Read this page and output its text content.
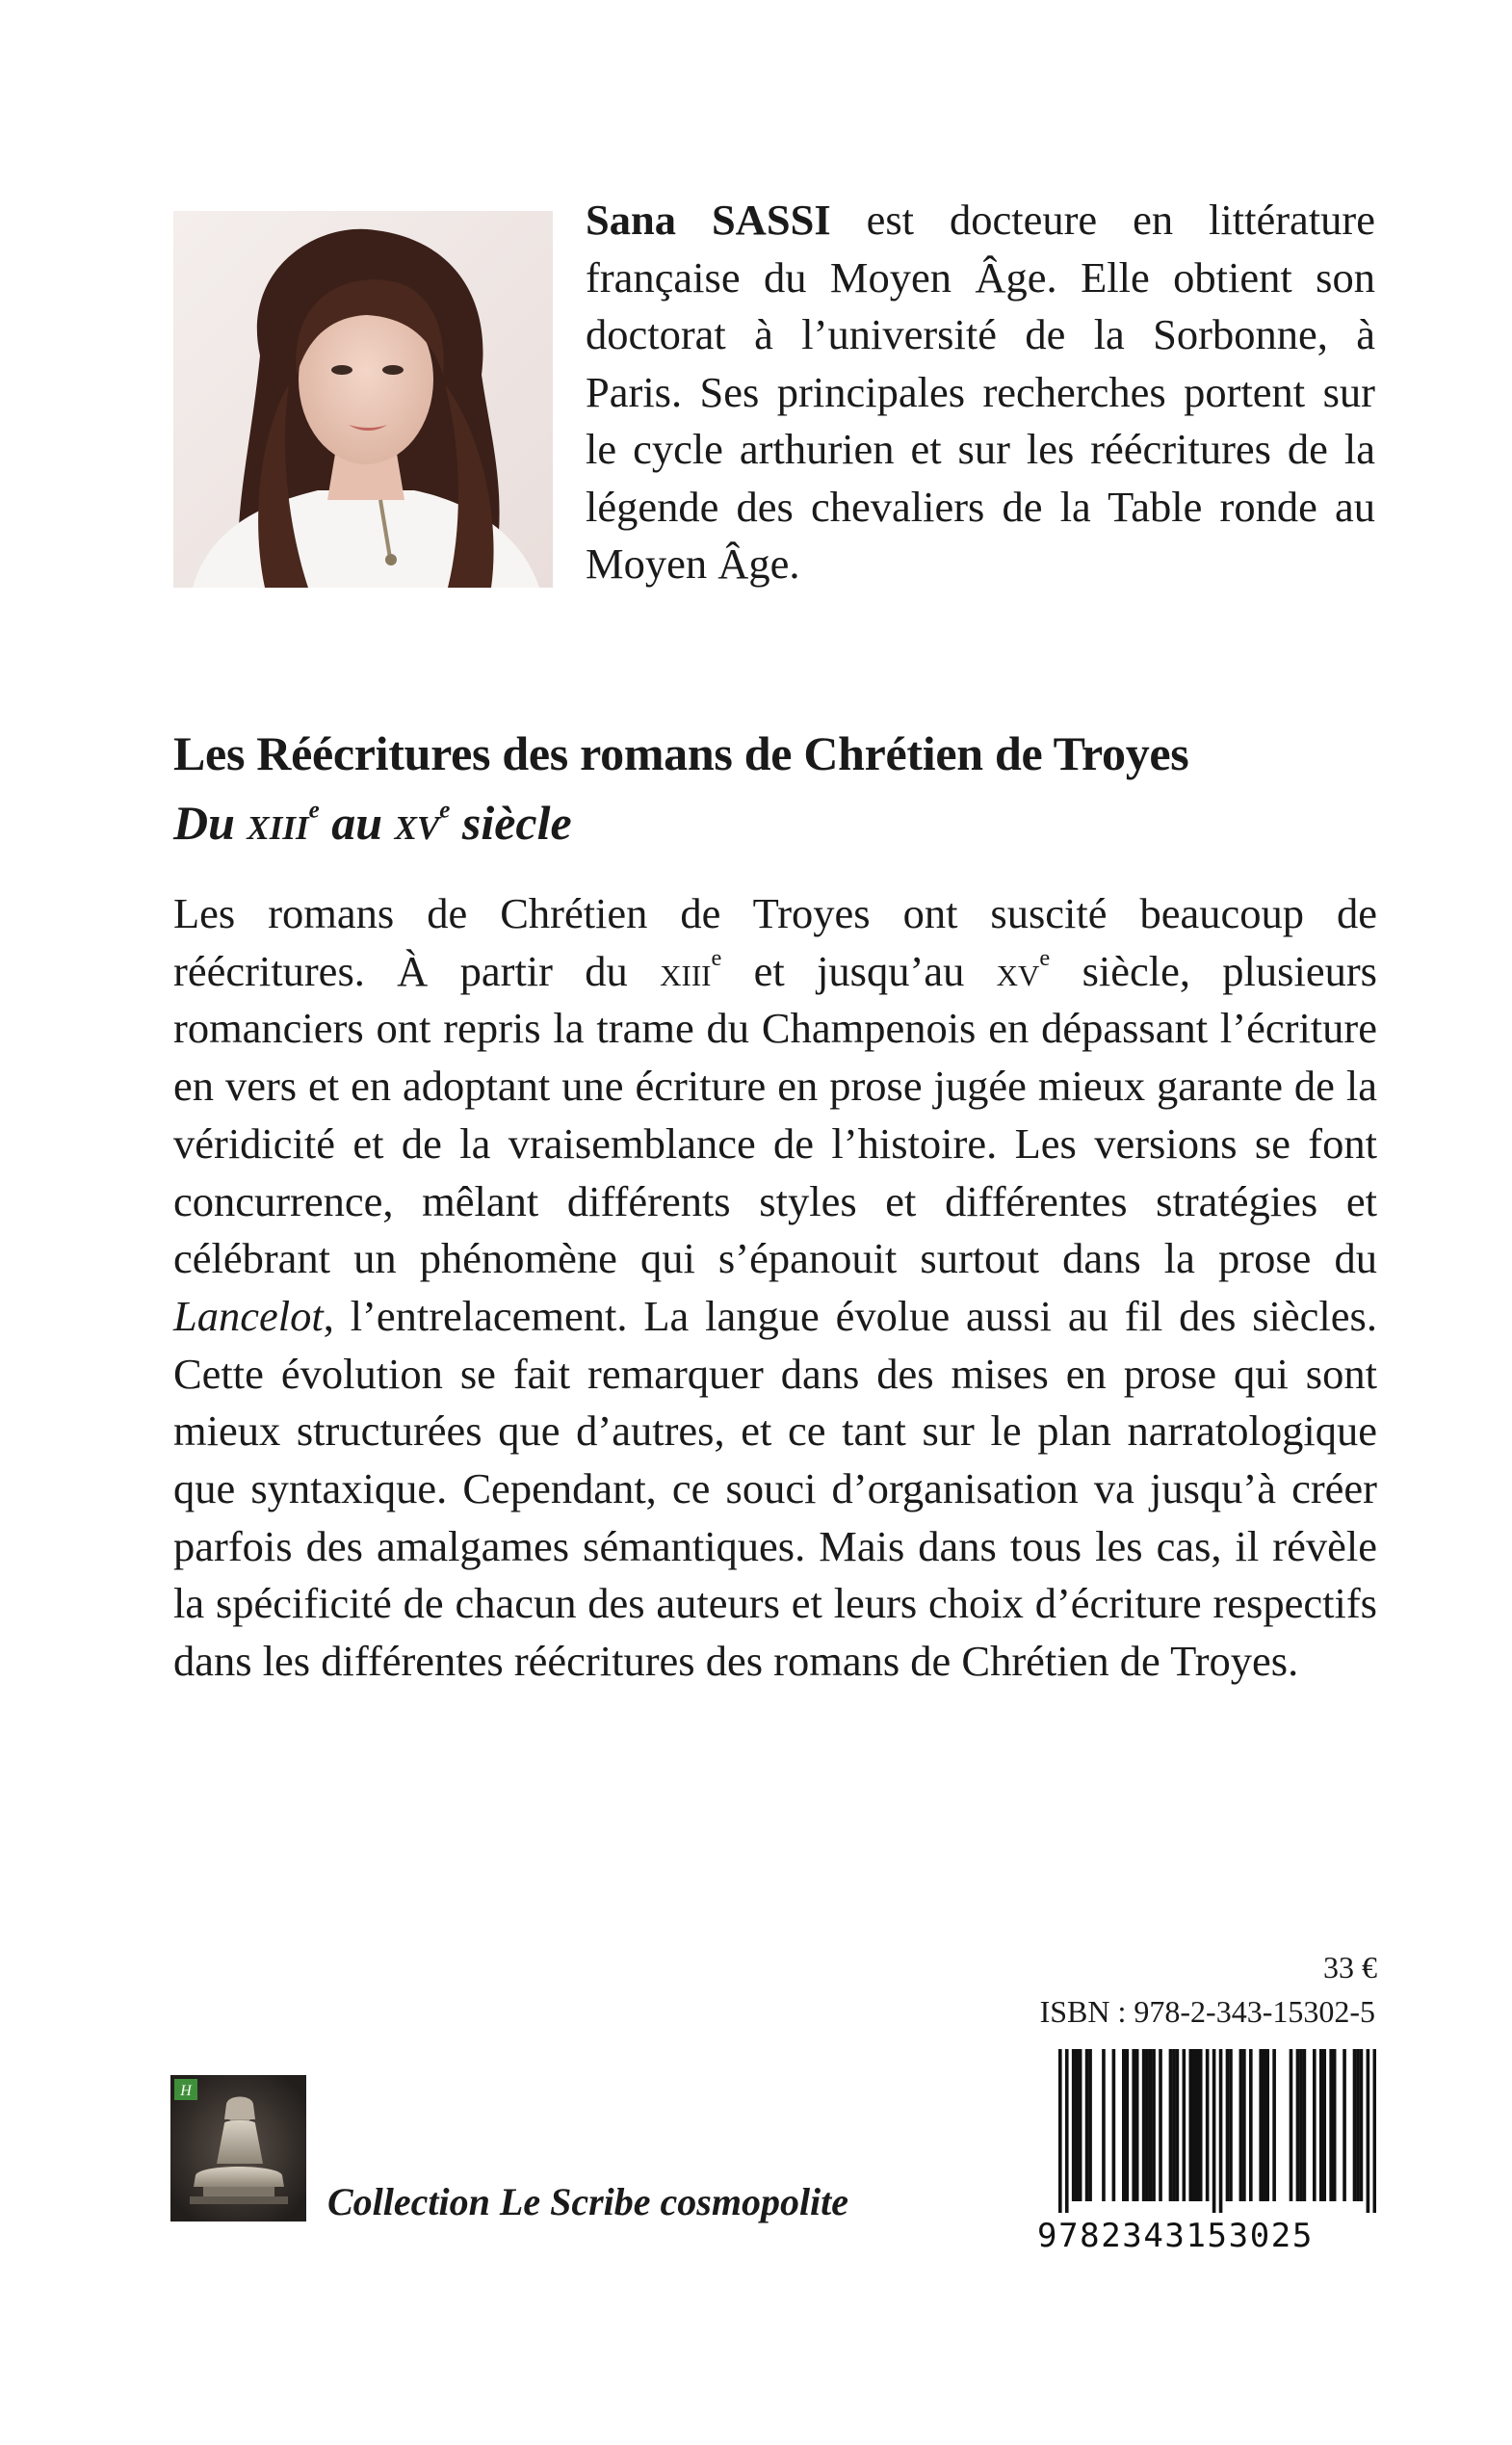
Sana SASSI est docteure en littérature française du Moyen Âge. Elle obtient son doctorat à l’université de la Sorbonne, à Paris. Ses principales recherches portent sur le cycle arthurien et sur les réécritures de la légende des chevaliers de la Table ronde au Moyen Âge.

Les Réécritures des romans de Chrétien de Troyes
Du xiii$^e$ au $xv^e$ siècle

Les romans de Chrétien de Troyes ont suscité beaucoup de réécritures. À partir du xiii$^e$ et jusqu’au $xv^e$ siècle, plusieurs romanciers ont repris la trame du Champenois en dépassant l’écriture en vers et en adoptant une écriture en prose jugée mieux garante de la véridicité et de la vraisemblance de l’histoire. Les versions se font concurrence, mêlant différents styles et différentes stratégies et célébrant un phénomène qui s’épanouit surtout dans la prose du Lancelot, l’entrelacement. La langue évolue aussi au fil des siècles. Cette évolution se fait remarquer dans des mises en prose qui sont mieux structurées que d’autres, et ce tant sur le plan narratologique que syntaxique. Cependant, ce souci d’organisation va jusqu’à créer parfois des amalgames sémantiques. Mais dans tous les cas, il révèle la spécificité de chacun des auteurs et leurs choix d’écriture respectifs dans les différentes réécritures des romans de Chrétien de Troyes.

33 €
ISBN : 978-2-343-15302-5
9782343153025
H
Collection Le Scribe cosmopolite
